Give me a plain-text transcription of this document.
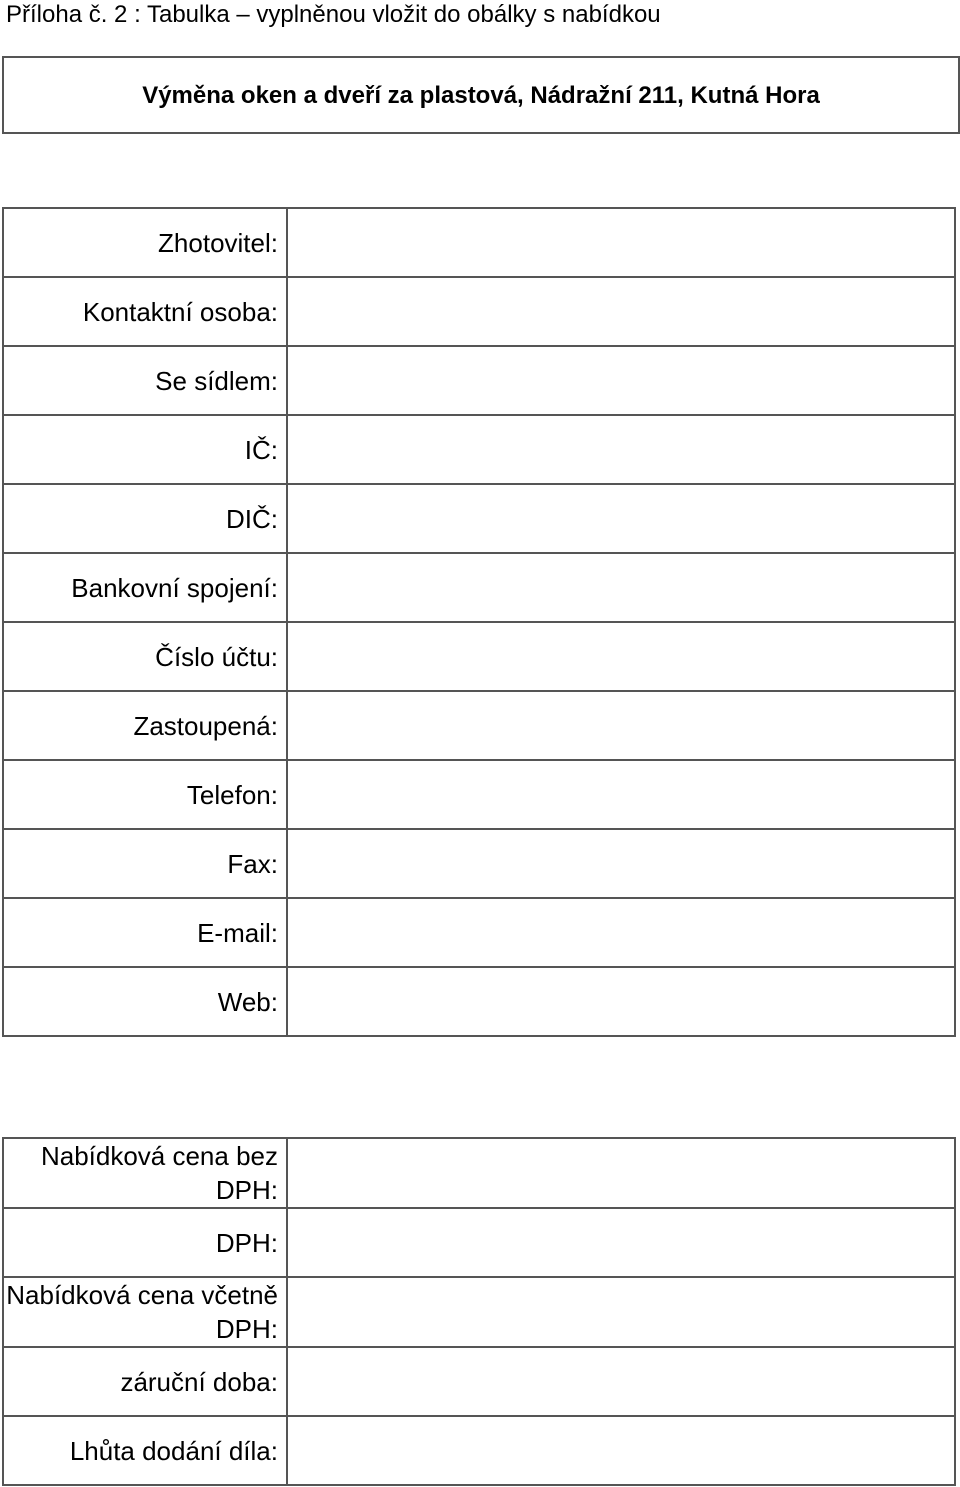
Příloha č. 2 : Tabulka – vyplněnou vložit do obálky s nabídkou
Výměna oken a dveří za plastová, Nádražní 211, Kutná Hora
Zhotovitel:	
Kontaktní osoba:	
Se sídlem:	
IČ:	
DIČ:	
Bankovní spojení:	
Číslo účtu:	
Zastoupená:	
Telefon:	
Fax:	
E-mail:	
Web:	
Nabídková cena bez DPH:	
DPH:	
Nabídková cena včetně DPH:	
záruční doba:	
Lhůta dodání díla:	
